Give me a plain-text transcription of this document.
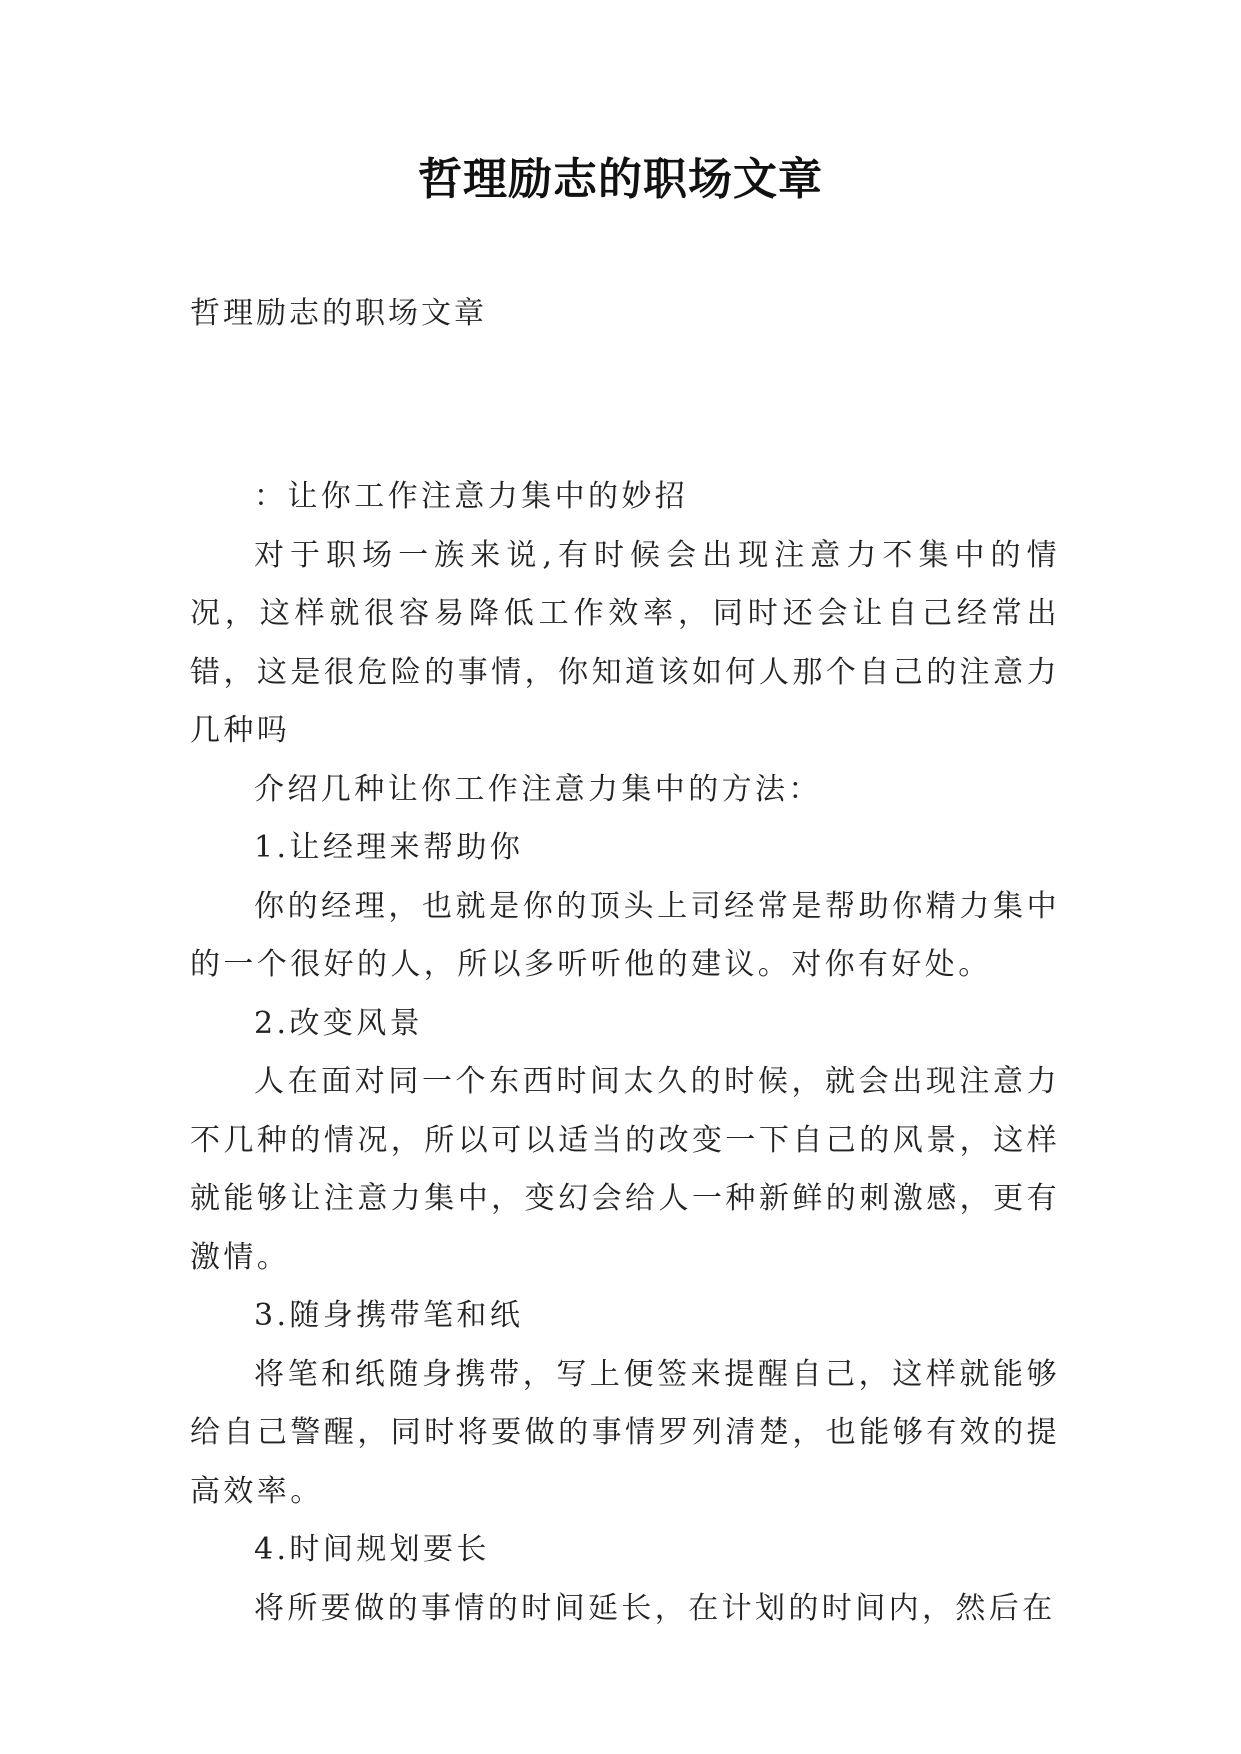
哲理励志的职场文章

哲理励志的职场文章

：让你工作注意力集中的妙招

对于职场一族来说,有时候会出现注意力不集中的情况，这样就很容易降低工作效率，同时还会让自己经常出错，这是很危险的事情，你知道该如何人那个自己的注意力几种吗

介绍几种让你工作注意力集中的方法：

1.让经理来帮助你

你的经理，也就是你的顶头上司经常是帮助你精力集中的一个很好的人，所以多听听他的建议。对你有好处。

2.改变风景

人在面对同一个东西时间太久的时候，就会出现注意力不几种的情况，所以可以适当的改变一下自己的风景，这样就能够让注意力集中，变幻会给人一种新鲜的刺激感，更有激情。

3.随身携带笔和纸

将笔和纸随身携带，写上便签来提醒自己，这样就能够给自己警醒，同时将要做的事情罗列清楚，也能够有效的提高效率。

4.时间规划要长

将所要做的事情的时间延长，在计划的时间内，然后在
